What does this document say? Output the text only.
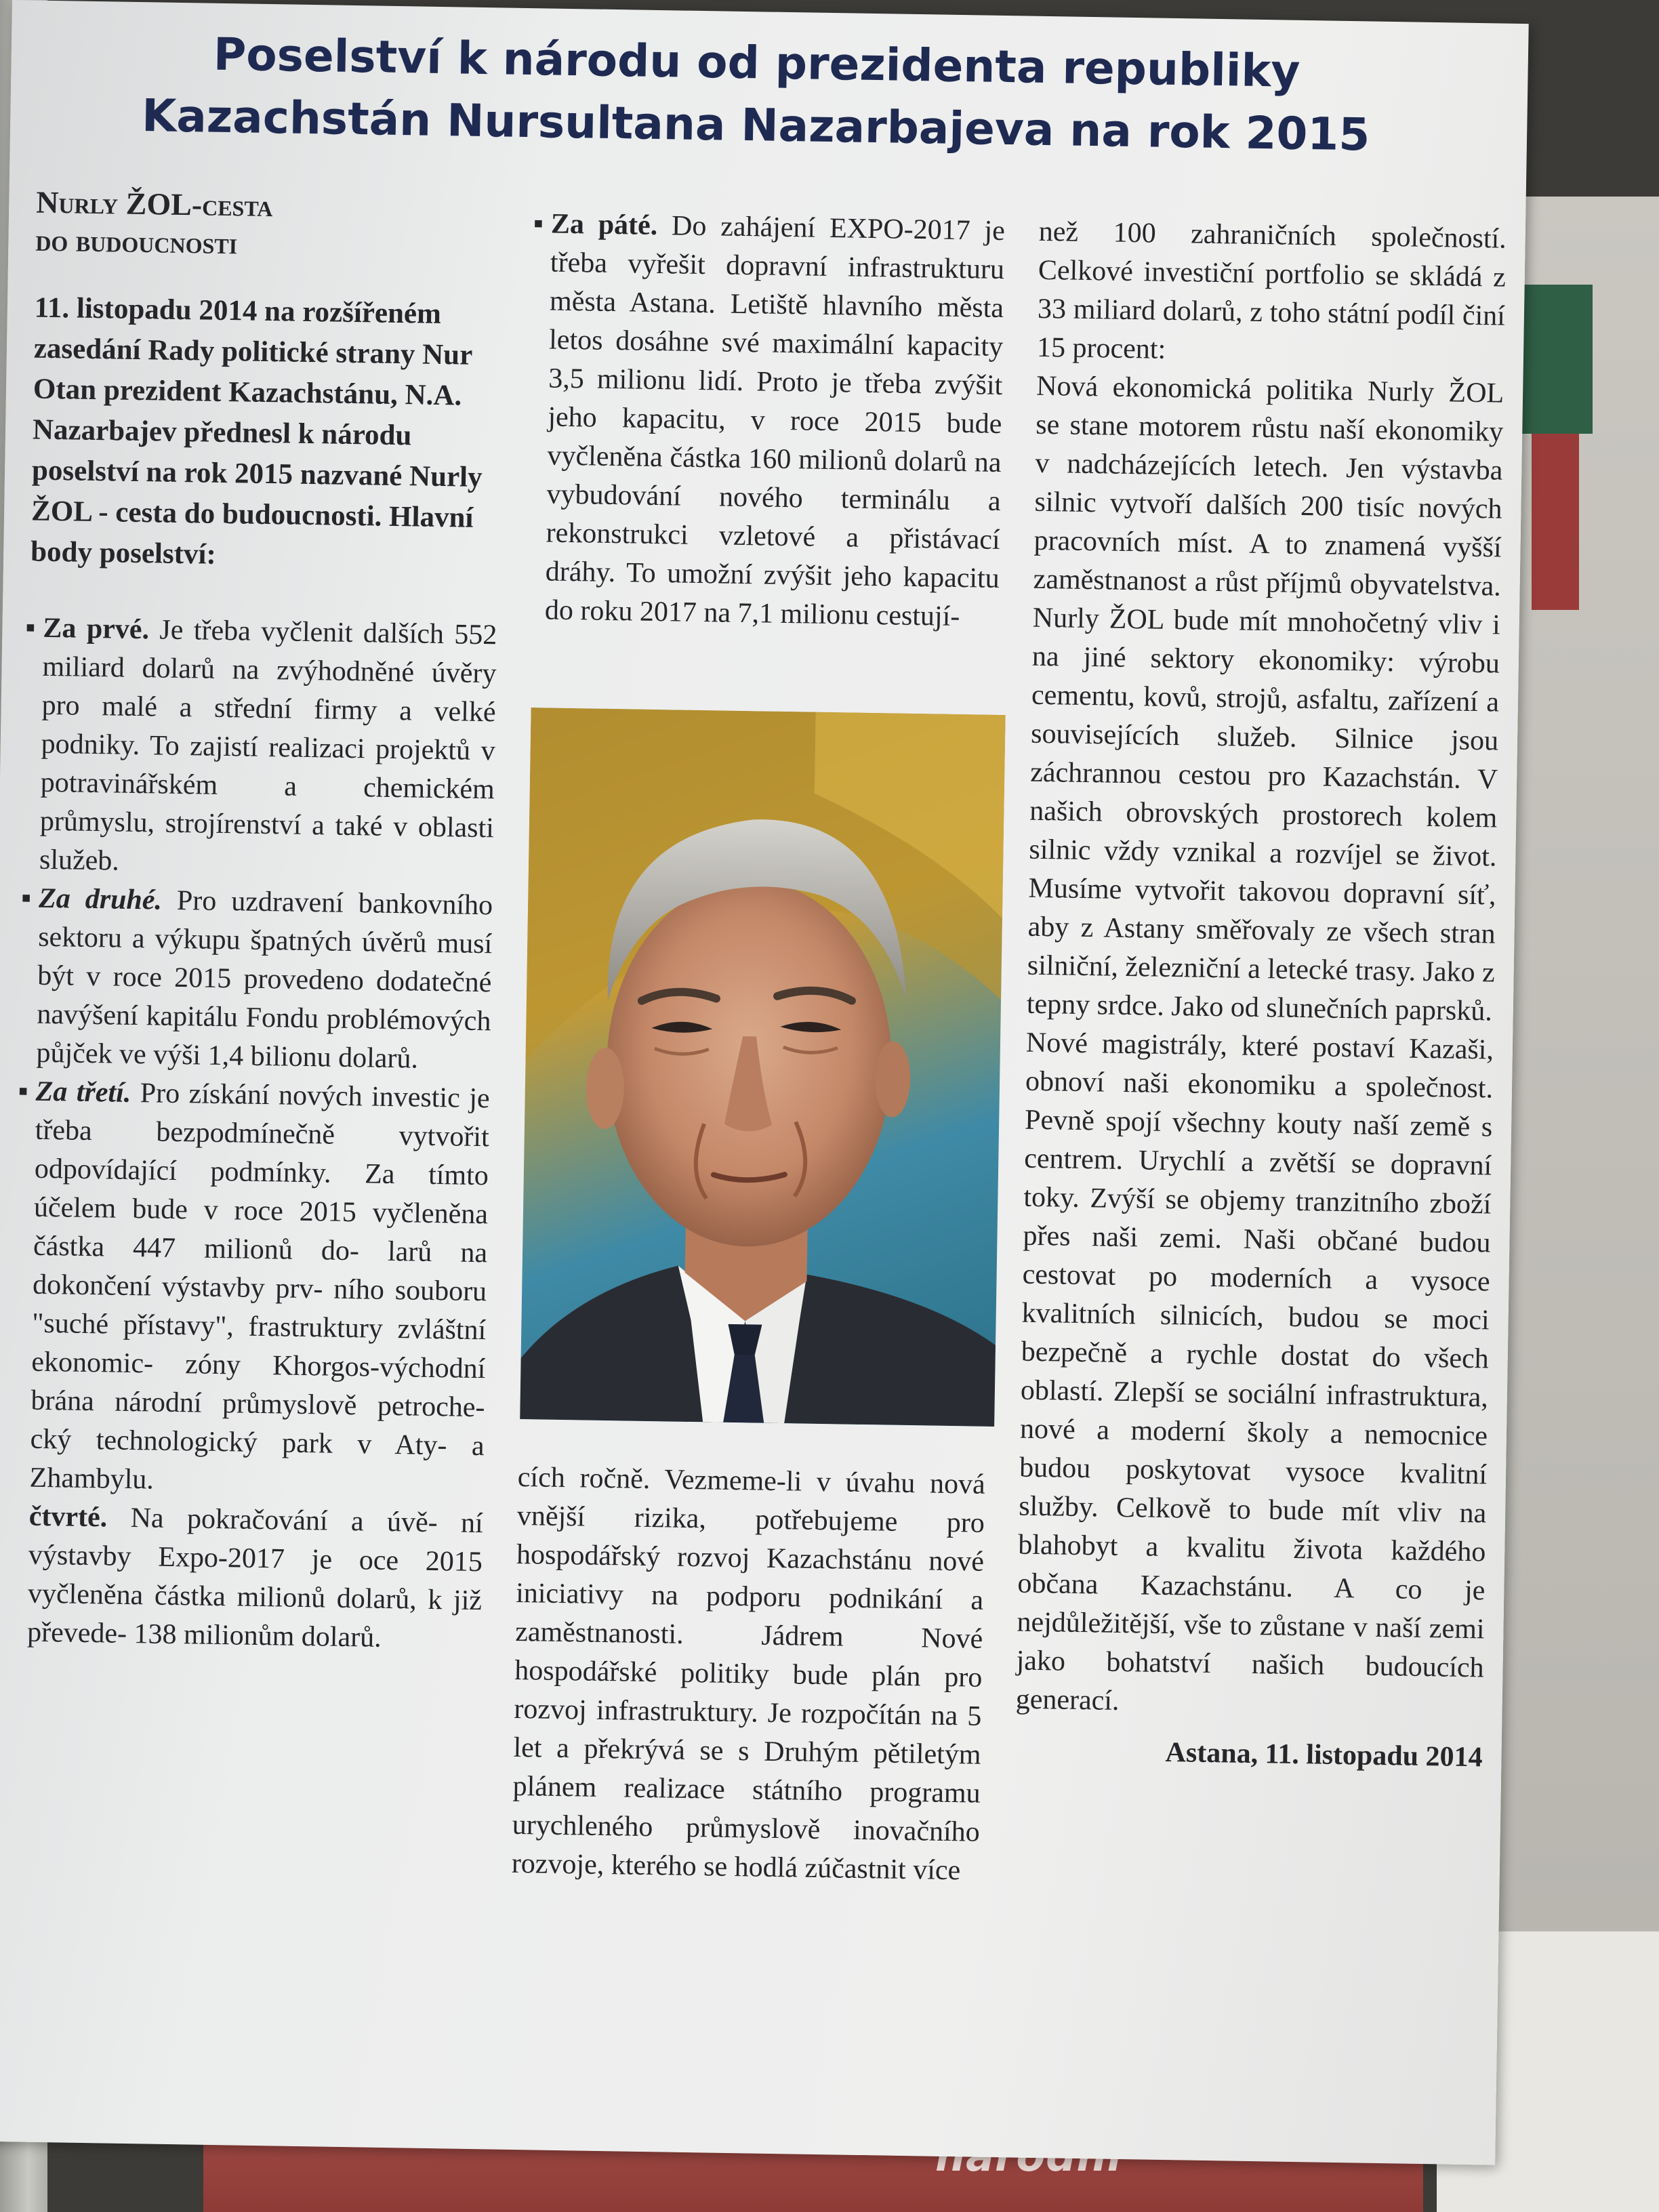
Poselství k národu od prezidenta republiky
Kazachstán Nursultana Nazarbajeva na rok 2015
Nurly ŽOL-cesta
do budoucnosti

11. listopadu 2014 na rozšířeném zasedání Rady politické strany Nur Otan prezident Kazachstánu, N.A. Nazarbajev přednesl k národu poselství na rok 2015 nazvané Nurly ŽOL - cesta do budoucnosti. Hlavní body poselství:

▪ Za prvé. Je třeba vyčlenit dalších 552 miliard dolarů na zvýhodněné úvěry pro malé a střední firmy a velké podniky. To zajistí realizaci projektů v potravinářském a chemickém průmyslu, strojírenství a také v oblasti služeb.

▪ Za druhé. Pro uzdravení bankovního sektoru a výkupu špatných úvěrů musí být v roce 2015 provedeno dodatečné navýšení kapitálu Fondu problémových půjček ve výši 1,4 bilionu dolarů.

▪ Za třetí. Pro získání nových investic je třeba bezpodmínečně vytvořit odpovídající podmínky. Za tímto účelem bude v roce 2015 vyčleněna částka 447 milionů do- larů na dokončení výstavby prv- ního souboru "suché přístavy", frastruktury zvláštní ekonomic- zóny Khorgos-východní brána národní průmyslově petroche- cký technologický park v Aty- a Zhambylu.

čtvrté. Na pokračování a úvě- ní výstavby Expo-2017 je oce 2015 vyčleněna částka milionů dolarů, k již převede- 138 milionům dolarů.

▪ Za páté. Do zahájení EXPO-2017 je třeba vyřešit dopravní infrastrukturu města Astana. Letiště hlavního města letos dosáhne své maximální kapacity 3,5 milionu lidí. Proto je třeba zvýšit jeho kapacitu, v roce 2015 bude vyčleněna částka 160 milionů dolarů na vybudování nového terminálu a rekonstrukci vzletové a přistávací dráhy. To umožní zvýšit jeho kapacitu do roku 2017 na 7,1 milionu cestují-

cích ročně. Vezmeme-li v úvahu nová vnější rizika, potřebujeme pro hospodářský rozvoj Kazachstánu nové iniciativy na podporu podnikání a zaměstnanosti. Jádrem Nové hospodářské politiky bude plán pro rozvoj infrastruktury. Je rozpočítán na 5 let a překrývá se s Druhým pětiletým plánem realizace státního programu urychleného průmyslově inovačního rozvoje, kterého se hodlá zúčastnit více

než 100 zahraničních společností. Celkové investiční portfolio se skládá z 33 miliard dolarů, z toho státní podíl činí 15 procent:

Nová ekonomická politika Nurly ŽOL se stane motorem růstu naší ekonomiky v nadcházejících letech. Jen výstavba silnic vytvoří dalších 200 tisíc nových pracovních míst. A to znamená vyšší zaměstnanost a růst příjmů obyvatelstva. Nurly ŽOL bude mít mnohočetný vliv i na jiné sektory ekonomiky: výrobu cementu, kovů, strojů, asfaltu, zařízení a souvisejících služeb. Silnice jsou záchrannou cestou pro Kazachstán. V našich obrovských prostorech kolem silnic vždy vznikal a rozvíjel se život. Musíme vytvořit takovou dopravní síť, aby z Astany směřovaly ze všech stran silniční, železniční a letecké trasy. Jako z tepny srdce. Jako od slunečních paprsků.

Nové magistrály, které postaví Kazaši, obnoví naši ekonomiku a společnost. Pevně spojí všechny kouty naší země s centrem. Urychlí a zvětší se dopravní toky. Zvýší se objemy tranzitního zboží přes naši zemi. Naši občané budou cestovat po moderních a vysoce kvalitních silnicích, budou se moci bezpečně a rychle dostat do všech oblastí. Zlepší se sociální infrastruktura, nové a moderní školy a nemocnice budou poskytovat vysoce kvalitní služby. Celkově to bude mít vliv na blahobyt a kvalitu života každého občana Kazachstánu. A co je nejdůležitější, vše to zůstane v naší zemi jako bohatství našich budoucích generací.

Astana, 11. listopadu 2014
